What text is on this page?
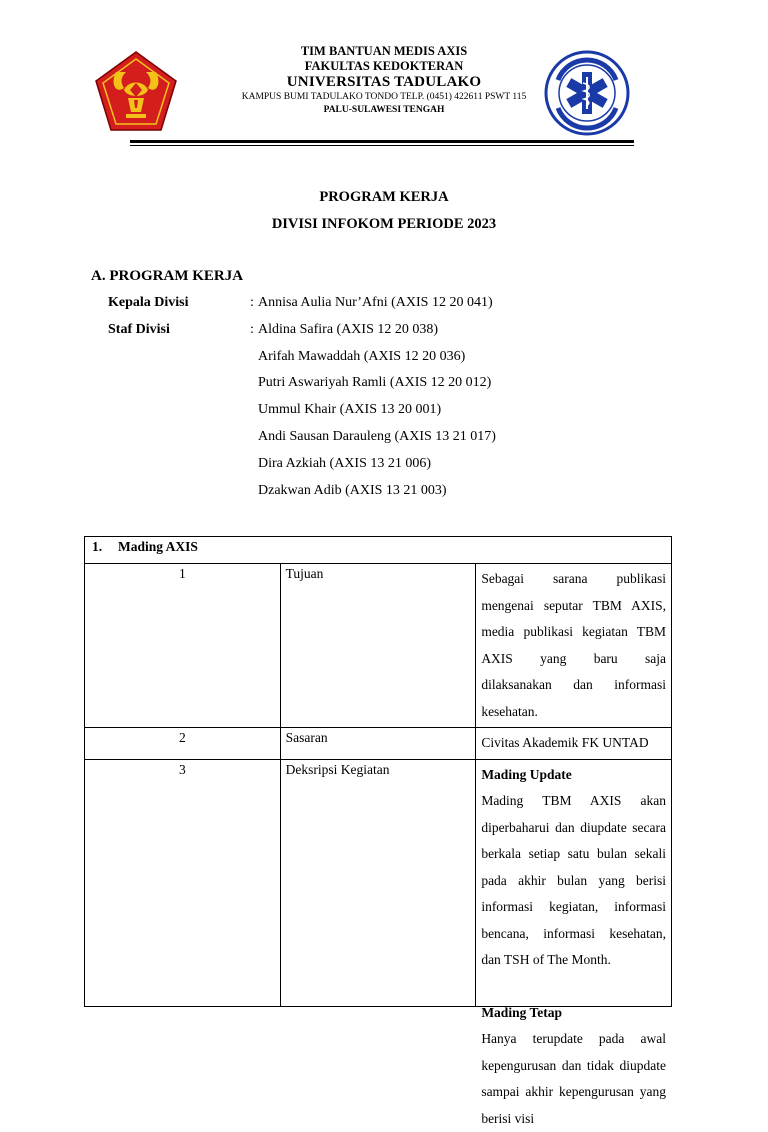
TIM BANTUAN MEDIS AXIS
FAKULTAS KEDOKTERAN
UNIVERSITAS TADULAKO
KAMPUS BUMI TADULAKO TONDO TELP. (0451) 422611 PSWT 115
PALU-SULAWESI TENGAH
PROGRAM KERJA
DIVISI INFOKOM PERIODE 2023
A. PROGRAM KERJA
Kepala Divisi	: Annisa Aulia Nur’Afni (AXIS 12 20 041)
Staf Divisi	: Aldina Safira (AXIS 12 20 038)
Arifah Mawaddah (AXIS 12 20 036)
Putri Aswariyah Ramli (AXIS 12 20 012)
Ummul Khair (AXIS 13 20 001)
Andi Sausan Darauleng (AXIS 13 21 017)
Dira Azkiah (AXIS 13 21 006)
Dzakwan Adib (AXIS 13 21 003)
1. Mading AXIS		
1	Tujuan	Sebagai sarana publikasi mengenai seputar TBM AXIS, media publikasi kegiatan TBM AXIS yang baru saja dilaksanakan dan informasi kesehatan.
2	Sasaran	Civitas Akademik FK UNTAD
3	Deksripsi Kegiatan	Mading Update
Mading TBM AXIS akan diperbaharui dan diupdate secara berkala setiap satu bulan sekali pada akhir bulan yang berisi informasi kegiatan, informasi bencana, informasi kesehatan, dan TSH of The Month.
Mading Tetap
Hanya terupdate pada awal kepengurusan dan tidak diupdate sampai akhir kepengurusan yang berisi visi
